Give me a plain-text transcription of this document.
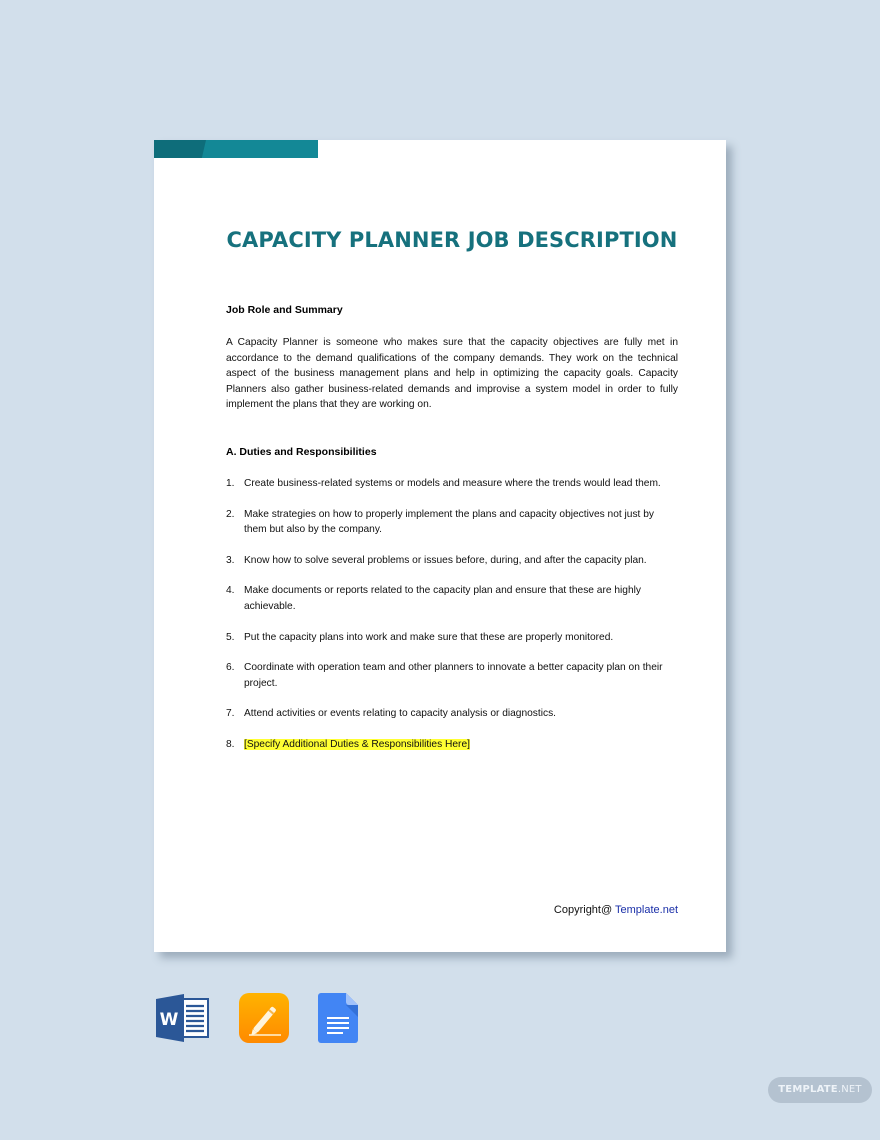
CAPACITY PLANNER JOB DESCRIPTION
Job Role and Summary

A Capacity Planner is someone who makes sure that the capacity objectives are fully met in accordance to the demand qualifications of the company demands. They work on the technical aspect of the business management plans and help in optimizing the capacity goals. Capacity Planners also gather business-related demands and improvise a system model in order to fully implement the plans that they are working on.

A. Duties and Responsibilities
1. Create business-related systems or models and measure where the trends would lead them.
2. Make strategies on how to properly implement the plans and capacity objectives not just by them but also by the company.
3. Know how to solve several problems or issues before, during, and after the capacity plan.
4. Make documents or reports related to the capacity plan and ensure that these are highly achievable.
5. Put the capacity plans into work and make sure that these are properly monitored.
6. Coordinate with operation team and other planners to innovate a better capacity plan on their project.
7. Attend activities or events relating to capacity analysis or diagnostics.
8. [Specify Additional Duties & Responsibilities Here]
Copyright@ Template.net
W
TEMPLATE.NET
